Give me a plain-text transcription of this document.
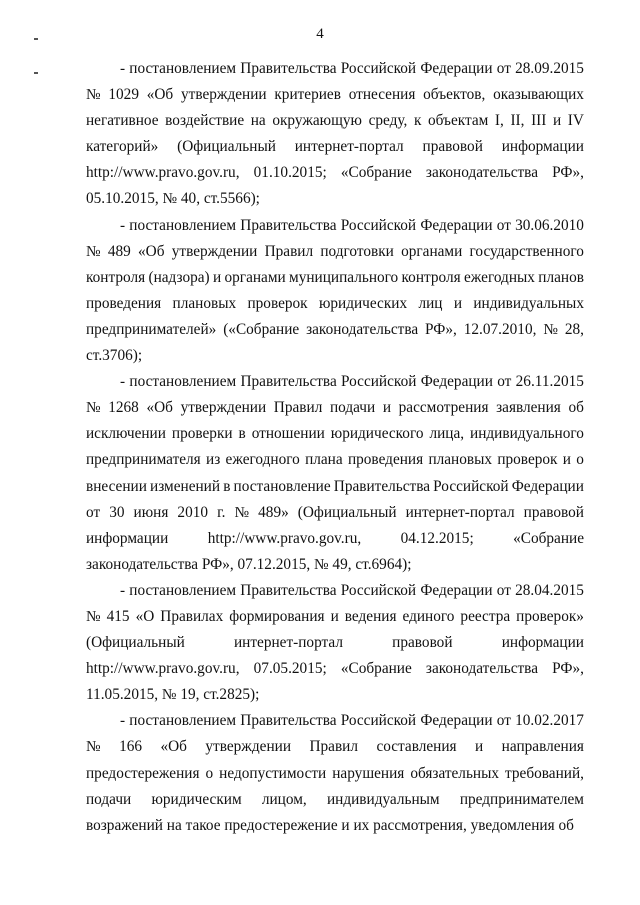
4
- постановлением Правительства Российской Федерации от 28.09.2015
№ 1029 «Об утверждении критериев отнесения объектов, оказывающих
негативное воздействие на окружающую среду, к объектам I, II, III и IV
категорий» (Официальный интернет-портал правовой информации
http://www.pravo.gov.ru, 01.10.2015; «Собрание законодательства РФ»,
05.10.2015, № 40, ст.5566);
- постановлением Правительства Российской Федерации от 30.06.2010
№ 489 «Об утверждении Правил подготовки органами государственного
контроля (надзора) и органами муниципального контроля ежегодных планов
проведения плановых проверок юридических лиц и индивидуальных
предпринимателей» («Собрание законодательства РФ», 12.07.2010, № 28,
ст.3706);
- постановлением Правительства Российской Федерации от 26.11.2015
№ 1268 «Об утверждении Правил подачи и рассмотрения заявления об
исключении проверки в отношении юридического лица, индивидуального
предпринимателя из ежегодного плана проведения плановых проверок и о
внесении изменений в постановление Правительства Российской Федерации
от 30 июня 2010 г. № 489» (Официальный интернет-портал правовой
информации	http://www.pravo.gov.ru,	04.12.2015;	«Собрание
законодательства РФ», 07.12.2015, № 49, ст.6964);
- постановлением Правительства Российской Федерации от 28.04.2015
№ 415 «О Правилах формирования и ведения единого реестра проверок»
(Официальный	интернет-портал	правовой	информации
http://www.pravo.gov.ru, 07.05.2015; «Собрание законодательства РФ»,
11.05.2015, № 19, ст.2825);
- постановлением Правительства Российской Федерации от 10.02.2017
№ 166 «Об утверждении Правил составления и направления
предостережения о недопустимости нарушения обязательных требований,
подачи юридическим лицом, индивидуальным предпринимателем
возражений на такое предостережение и их рассмотрения, уведомления об
